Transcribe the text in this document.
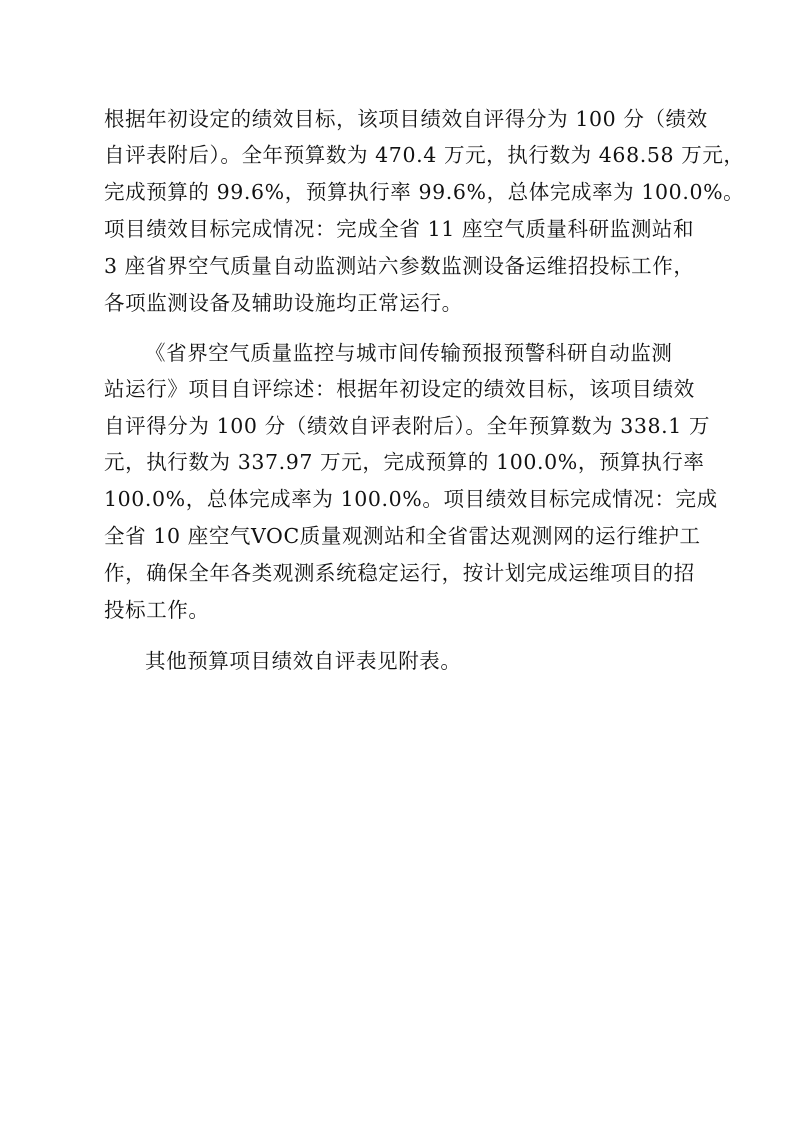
根据年初设定的绩效目标，该项目绩效自评得分为 100 分（绩效
自评表附后）。全年预算数为 470.4 万元，执行数为 468.58 万元，
完成预算的 99.6%，预算执行率 99.6%，总体完成率为 100.0%。
项目绩效目标完成情况：完成全省 11 座空气质量科研监测站和
3 座省界空气质量自动监测站六参数监测设备运维招投标工作，
各项监测设备及辅助设施均正常运行。
《省界空气质量监控与城市间传输预报预警科研自动监测
站运行》项目自评综述：根据年初设定的绩效目标，该项目绩效
自评得分为 100 分（绩效自评表附后）。全年预算数为 338.1 万
元，执行数为 337.97 万元，完成预算的 100.0%，预算执行率
100.0%，总体完成率为 100.0%。项目绩效目标完成情况：完成
全省 10 座空气VOC质量观测站和全省雷达观测网的运行维护工
作，确保全年各类观测系统稳定运行，按计划完成运维项目的招
投标工作。
其他预算项目绩效自评表见附表。
